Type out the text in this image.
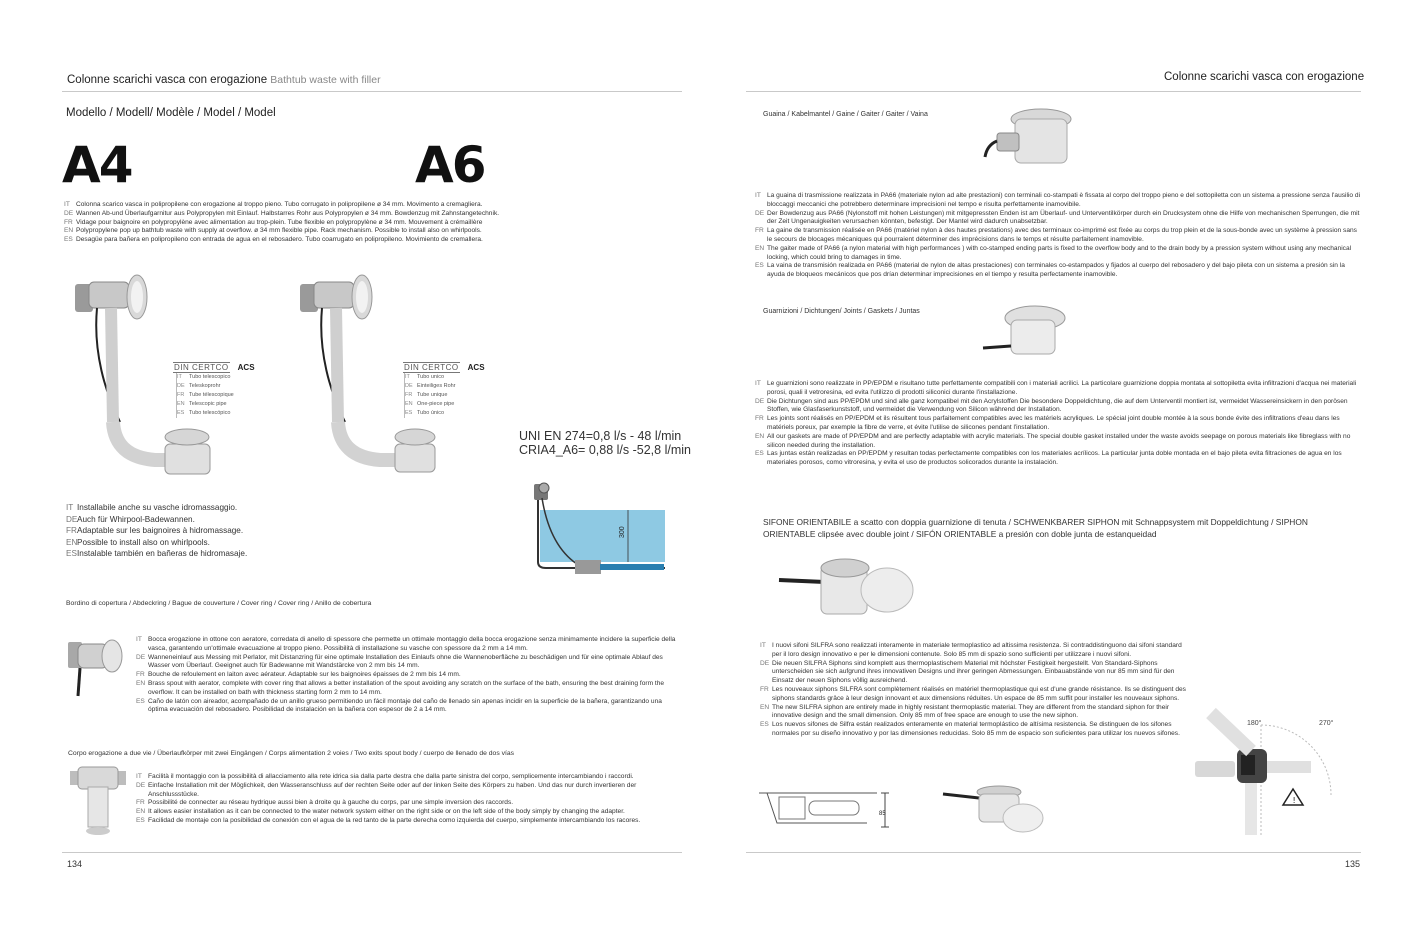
Colonne scarichi vasca con erogazione Bathtub waste with filler
Modello / Modell/ Modèle / Model / Model
A4	A6
IT Colonna scarico vasca in polipropilene con erogazione al troppo pieno. Tubo corrugato in polipropilene ø 34 mm. Movimento a cremagliera.
DE Wannen Ab-und Überlaufgarnitur aus Polypropylen mit Einlauf. Halbstarres Rohr aus Polypropylen ø 34 mm. Bowdenzug mit Zahnstangetechnik.
FR Vidage pour baignoire en polypropylène avec alimentation au trop-plein. Tube flexible en polypropylène ø 34 mm. Mouvement à crémaillère
EN Polypropylene pop up bathtub waste with supply at overflow. ø 34 mm flexible pipe. Rack mechanism. Possible to install also on whirlpools.
ES Desagüe para bañera en polipropileno con entrada de agua en el rebosadero. Tubo coarrugato en polipropileno. Movimiento de cremallera.
DIN CERTCO ACS
IT Tubo telescopico
DE Teleskoprohr
FR Tube télescopique
EN Telescopic pipe
ES Tubo telescópico
DIN CERTCO ACS
IT Tubo unico
DE Einteiliges Rohr
FR Tube unique
EN One-piece pipe
ES Tubo único
UNI EN 274=0,8 l/s - 48 l/min
CRIA4_A6= 0,88 l/s -52,8 l/min
300
IT Installabile anche su vasche idromassaggio.
DE Auch für Whirpool-Badewannen.
FR Adaptable sur les baignoires à hidromassage.
EN Possible to install also on whirlpools.
ES Instalable también en bañeras de hidromasaje.
Bordino di copertura / Abdeckring / Bague de couverture / Cover ring / Cover ring / Anillo de cobertura
IT Bocca erogazione in ottone con aeratore, corredata di anello di spessore che permette un ottimale montaggio della bocca erogazione senza minimamente incidere la superficie della vasca, garantendo un'ottimale evacuazione al troppo pieno. Possibilità di installazione su vasche con spessore da 2 mm a 14 mm.
DE Wanneneinlauf aus Messing mit Perlator, mit Distanzring für eine optimale Installation des Einlaufs ohne die Wannenoberfläche zu beschädigen und für eine optimale Ablauf des Wasser vom Überlauf. Geeignet auch für Badewanne mit Wandstärcke von 2 mm bis 14 mm.
FR Bouche de refoulement en laiton avec aérateur. Adaptable sur les baignoires épaisses de 2 mm bis 14 mm.
EN Brass spout with aerator, complete with cover ring that allows a better installation of the spout avoiding any scratch on the surface of the bath, ensuring the best draining form the overflow. It can be installed on bath with thickness starting form 2 mm to 14 mm.
ES Caño de latón con aireador, acompañado de un anillo grueso permitiendo un fácil montaje del caño de llenado sin apenas incidir en la superficie de la bañera, garantizando una óptima evacuación del rebosadero. Posibilidad de instalación en la bañera con espesor de 2 a 14 mm.
Corpo erogazione a due vie / Überlaufkörper mit zwei Eingängen / Corps alimentation 2 voies / Two exits spout body / cuerpo de llenado de dos vías
IT Facilità il montaggio con la possibilità di allacciamento alla rete idrica sia dalla parte destra che dalla parte sinistra del corpo, semplicemente intercambiando i raccordi.
DE Einfache Installation mit der Möglichkeit, den Wasseranschluss auf der rechten Seite oder auf der linken Seite des Körpers zu haben. Und das nur durch invertieren der Anschlussstücke.
FR Possibilité de connecter au réseau hydrique aussi bien à droite qu à gauche du corps, par une simple inversion des raccords.
EN It allows easier installation as it can be connected to the water network system either on the right side or on the left side of the body simply by changing the adapter.
ES Facilidad de montaje con la posibilidad de conexión con el agua de la red tanto de la parte derecha como izquierda del cuerpo, simplemente intercambiando los racores.
134
Colonne scarichi vasca con erogazione
Guaina / Kabelmantel / Gaine / Gaiter / Gaiter / Vaina
IT La guaina di trasmissione realizzata in PA66 (materiale nylon ad alte prestazioni) con terminali co-stampati è fissata al corpo del troppo pieno e del sottopiletta con un sistema a pressione senza l'ausilio di bloccaggi meccanici che potrebbero determinare imprecisioni nel tempo e risulta perfettamente inamovibile.
DE Der Bowdenzug aus PA66 (Nylonstoff mit hohen Leistungen) mit mitgepressten Enden ist am Überlauf- und Unterventilkörper durch ein Drucksystem ohne die Hilfe von mechanischen Sperrungen, die mit der Zeit Ungenauigkeiten verursachen könnten, befestigt. Der Mantel wird dadurch unabsetzbar.
FR La gaine de transmission réalisée en PA66 (matériel nylon à des hautes prestations) avec des terminaux co-imprimé est fixée au corps du trop plein et de la sous-bonde avec un système à pression sans le secours de blocages mécaniques qui pourraient déterminer des imprécisions dans le temps et résulte parfaitement inamovible.
EN The gaiter made of PA66 (a nylon material with high performances ) with co-stamped ending parts is fixed to the overflow body and to the drain body by a pression system without using any mechanical locking, which could bring to damages in time.
ES La vaina de transmisión realizada en PA66 (material de nylon de altas prestaciones) con terminales co-estampados y fijados al cuerpo del rebosadero y del bajo pileta con un sistema a presión sin la ayuda de bloqueos mecánicos que pos drían determinar imprecisiones en el tiempo y resulta perfectamente inamovible.
Guarnizioni / Dichtungen/ Joints / Gaskets / Juntas
IT Le guarnizioni sono realizzate in PP/EPDM e risultano tutte perfettamente compatibili con i materiali acrilici. La particolare guarnizione doppia montata al sottopiletta evita infiltrazioni d'acqua nei materiali porosi, quali il vetroresina, ed evita l'utilizzo di prodotti siliconici durante l'installazione.
DE Die Dichtungen sind aus PP/EPDM und sind alle ganz kompatibel mit den Acrylstoffen Die besondere Doppeldichtung, die auf dem Unterventil montiert ist, vermeidet Wassereinsickern in den porösen Stoffen, wie Glasfaserkunststoff, und vermeidet die Verwendung von Silicon während der Installation.
FR Les joints sont réalisés en PP/EPDM et ils résultent tous parfaitement compatibles avec les matériels acryliques. Le spécial joint double montée à la sous bonde évite des infiltrations d'eau dans les matériels poreux, par exemple la fibre de verre, et évite l'utilise de silicones pendant l'installation.
EN All our gaskets are made of PP/EPDM and are perfectly adaptable with acrylic materials. The special double gasket installed under the waste avoids seepage on porous materials like fibreglass with no silicon needed during the installation.
ES Las juntas están realizadas en PP/EPDM y resultan todas perfectamente compatibles con los materiales acrílicos. La particular junta doble montada en el bajo pileta evita filtraciones de agua en los materiales porosos, como vitroresina, y evita el uso de productos solicorados durante la instalación.
SIFONE ORIENTABILE a scatto con doppia guarnizione di tenuta / SCHWENKBARER SIPHON mit Schnappsystem mit Doppeldichtung / SIPHON ORIENTABLE clipsée avec double joint / SIFÓN ORIENTABLE a presión con doble junta de estanqueidad
IT I nuovi sifoni SILFRA sono realizzati interamente in materiale termoplastico ad altissima resistenza. Si contraddistinguono dai sifoni standard per il loro design innovativo e per le dimensioni contenute. Solo 85 mm di spazio sono sufficienti per utilizzare i nuovi sifoni.
DE Die neuen SILFRA Siphons sind komplett aus thermoplastischem Material mit höchster Festigkeit hergestellt. Von Standard-Siphons unterscheiden sie sich aufgrund ihres innovativen Designs und ihrer geringen Abmessungen. Einbauabstände von nur 85 mm sind für den Einsatz der neuen Siphons völlig ausreichend.
FR Les nouveaux siphons SILFRA sont complètement réalisés en matériel thermoplastique qui est d'une grande résistance. Ils se distinguent des siphons standards grâce à leur design innovant et aux dimensions réduites. Un espace de 85 mm suffit pour installer les nouveaux siphons.
EN The new SILFRA siphon are entirely made in highly resistant thermoplastic material. They are different from the standard siphon for their innovative design and the small dimension. Only 85 mm of free space are enough to use the new siphon.
ES Los nuevos sifones de Silfra están realizados enteramente en material termoplástico de altísima resistencia. Se distinguen de los sifones normales por su diseño innovativo y por las dimensiones reducidas. Solo 85 mm de espacio son suficientes para utilizar los nuevos sifones.
!
180°	270°
85
135
